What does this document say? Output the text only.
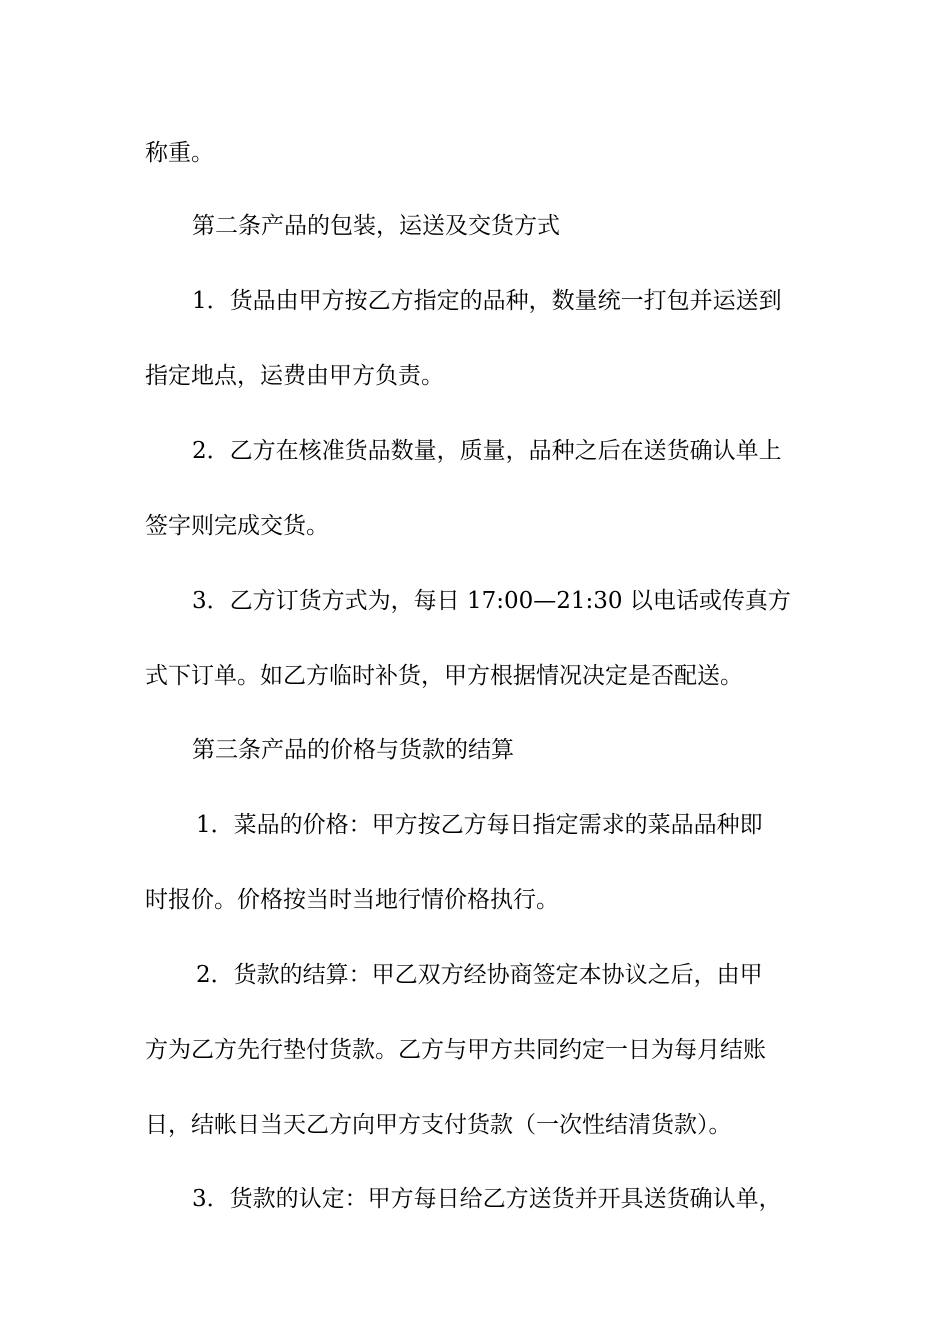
称重。
第二条产品的包装，运送及交货方式
1．货品由甲方按乙方指定的品种，数量统一打包并运送到
指定地点，运费由甲方负责。
2．乙方在核准货品数量，质量，品种之后在送货确认单上
签字则完成交货。
3．乙方订货方式为，每日 17:00—21:30 以电话或传真方
式下订单。如乙方临时补货，甲方根据情况决定是否配送。
第三条产品的价格与货款的结算
1．菜品的价格：甲方按乙方每日指定需求的菜品品种即
时报价。价格按当时当地行情价格执行。
2．货款的结算：甲乙双方经协商签定本协议之后，由甲
方为乙方先行垫付货款。乙方与甲方共同约定一日为每月结账
日，结帐日当天乙方向甲方支付货款（一次性结清货款）。
3．货款的认定：甲方每日给乙方送货并开具送货确认单，
